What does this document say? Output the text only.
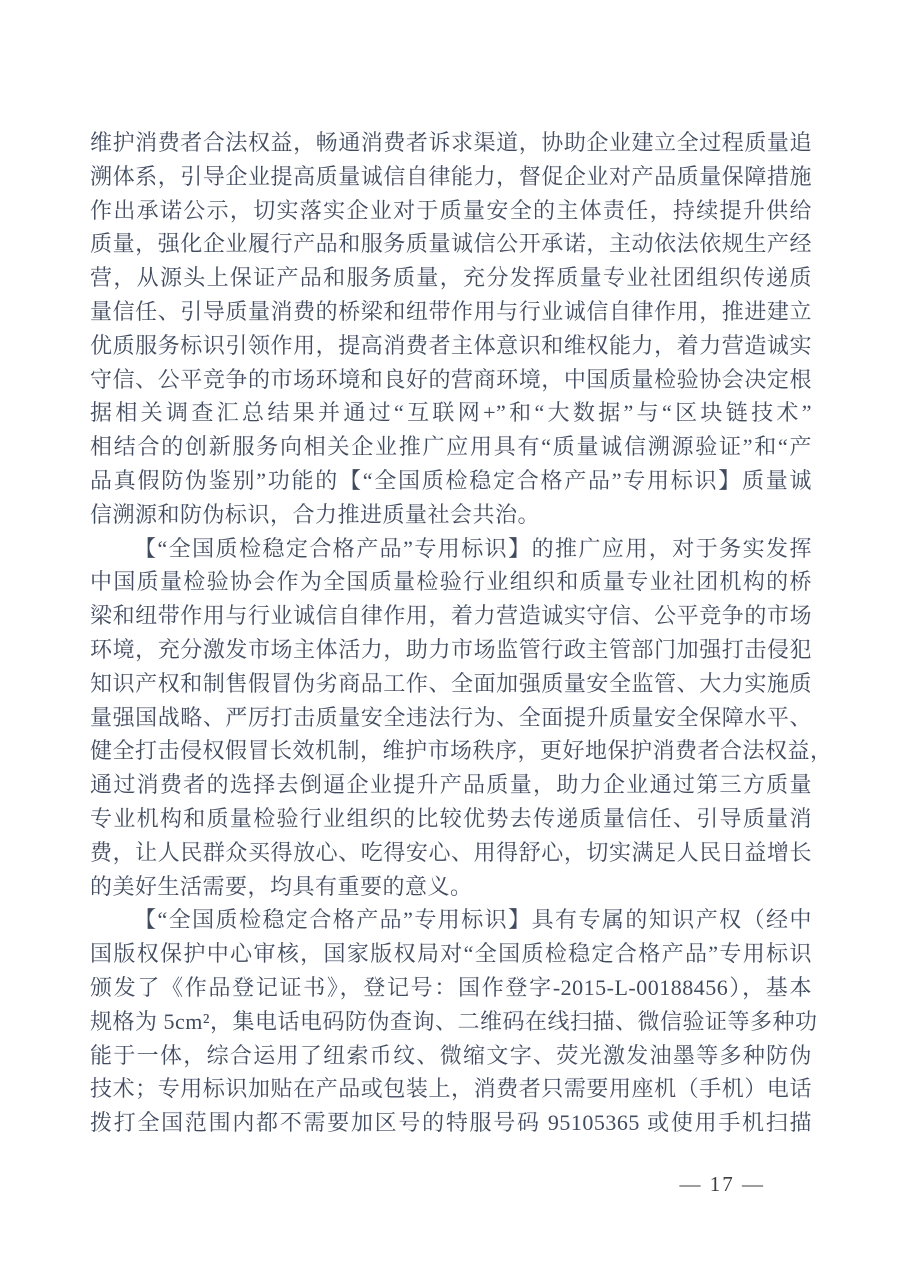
维护消费者合法权益，畅通消费者诉求渠道，协助企业建立全过程质量追
溯体系，引导企业提高质量诚信自律能力，督促企业对产品质量保障措施
作出承诺公示，切实落实企业对于质量安全的主体责任，持续提升供给
质量，强化企业履行产品和服务质量诚信公开承诺，主动依法依规生产经
营，从源头上保证产品和服务质量，充分发挥质量专业社团组织传递质
量信任、引导质量消费的桥梁和纽带作用与行业诚信自律作用，推进建立
优质服务标识引领作用，提高消费者主体意识和维权能力，着力营造诚实
守信、公平竞争的市场环境和良好的营商环境，中国质量检验协会决定根
据相关调查汇总结果并通过“互联网+”和“大数据”与“区块链技术”
相结合的创新服务向相关企业推广应用具有“质量诚信溯源验证”和“产
品真假防伪鉴别”功能的【“全国质检稳定合格产品”专用标识】质量诚
信溯源和防伪标识，合力推进质量社会共治。
【“全国质检稳定合格产品”专用标识】的推广应用，对于务实发挥
中国质量检验协会作为全国质量检验行业组织和质量专业社团机构的桥
梁和纽带作用与行业诚信自律作用，着力营造诚实守信、公平竞争的市场
环境，充分激发市场主体活力，助力市场监管行政主管部门加强打击侵犯
知识产权和制售假冒伪劣商品工作、全面加强质量安全监管、大力实施质
量强国战略、严厉打击质量安全违法行为、全面提升质量安全保障水平、
健全打击侵权假冒长效机制，维护市场秩序，更好地保护消费者合法权益，
通过消费者的选择去倒逼企业提升产品质量，助力企业通过第三方质量
专业机构和质量检验行业组织的比较优势去传递质量信任、引导质量消
费，让人民群众买得放心、吃得安心、用得舒心，切实满足人民日益增长
的美好生活需要，均具有重要的意义。
【“全国质检稳定合格产品”专用标识】具有专属的知识产权（经中
国版权保护中心审核，国家版权局对“全国质检稳定合格产品”专用标识
颁发了《作品登记证书》，登记号：国作登字-2015-L-00188456），基本
规格为 5cm²，集电话电码防伪查询、二维码在线扫描、微信验证等多种功
能于一体，综合运用了纽索币纹、微缩文字、荧光激发油墨等多种防伪
技术；专用标识加贴在产品或包装上，消费者只需要用座机（手机）电话
拨打全国范围内都不需要加区号的特服号码 95105365 或使用手机扫描
— 17 —
